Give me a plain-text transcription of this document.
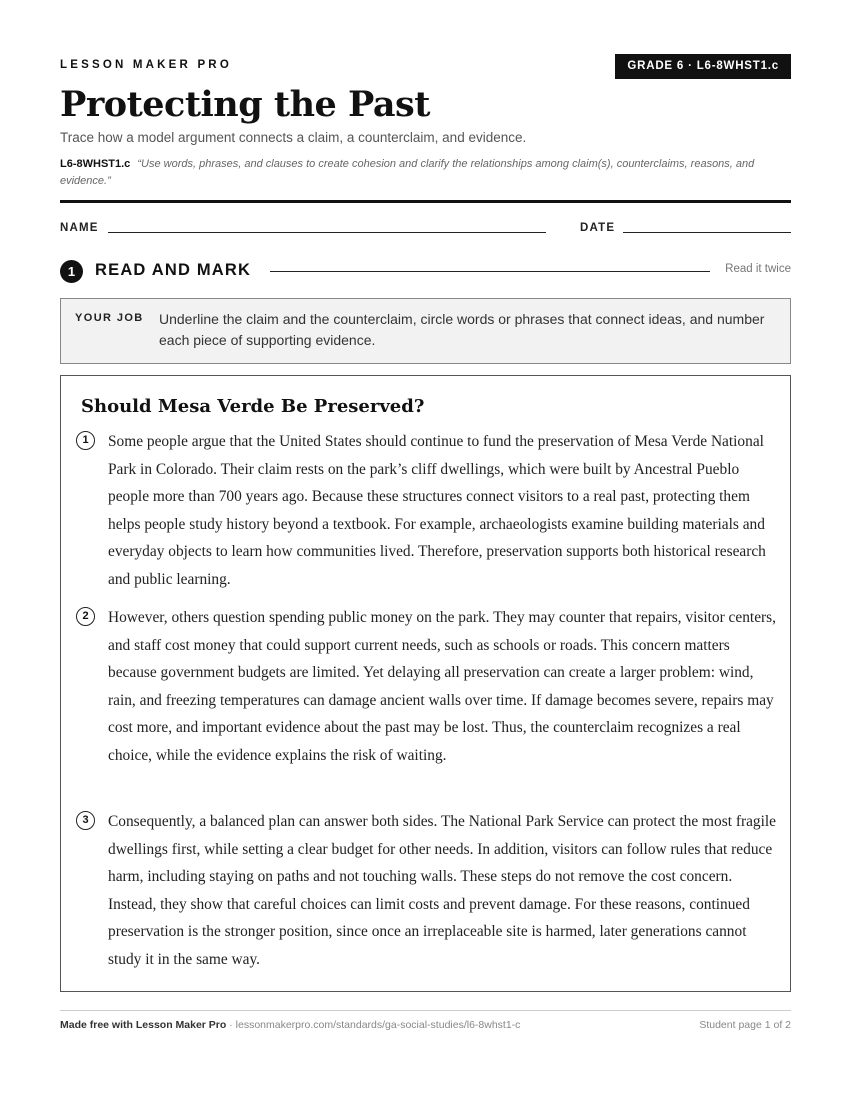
LESSON MAKER PRO	GRADE 6 · L6-8WHST1.c
Protecting the Past
Trace how a model argument connects a claim, a counterclaim, and evidence.
L6-8WHST1.c “Use words, phrases, and clauses to create cohesion and clarify the relationships among claim(s), counterclaims, reasons, and evidence.”
NAME	DATE
1	READ AND MARK	Read it twice
YOUR JOB Underline the claim and the counterclaim, circle words or phrases that connect ideas, and number each piece of supporting evidence.
Should Mesa Verde Be Preserved?
1	Some people argue that the United States should continue to fund the preservation of Mesa Verde National Park in Colorado. Their claim rests on the park’s cliff dwellings, which were built by Ancestral Pueblo people more than 700 years ago. Because these structures connect visitors to a real past, protecting them helps people study history beyond a textbook. For example, archaeologists examine building materials and everyday objects to learn how communities lived. Therefore, preservation supports both historical research and public learning.

2	However, others question spending public money on the park. They may counter that repairs, visitor centers, and staff cost money that could support current needs, such as schools or roads. This concern matters because government budgets are limited. Yet delaying all preservation can create a larger problem: wind, rain, and freezing temperatures can damage ancient walls over time. If damage becomes severe, repairs may cost more, and important evidence about the past may be lost. Thus, the counterclaim recognizes a real choice, while the evidence explains the risk of waiting.

3	Consequently, a balanced plan can answer both sides. The National Park Service can protect the most fragile dwellings first, while setting a clear budget for other needs. In addition, visitors can follow rules that reduce harm, including staying on paths and not touching walls. These steps do not remove the cost concern. Instead, they show that careful choices can limit costs and prevent damage. For these reasons, continued preservation is the stronger position, since once an irreplaceable site is harmed, later generations cannot study it in the same way.

Made free with Lesson Maker Pro · lessonmakerpro.com/standards/ga-social-studies/l6-8whst1-c	Student page 1 of 2
